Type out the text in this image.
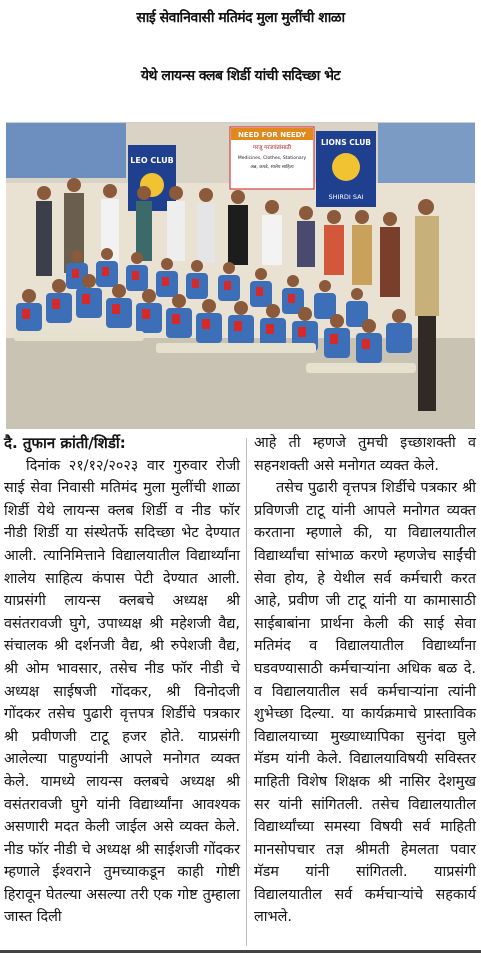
साई सेवानिवासी मतिमंद मुला मुलींची शाळा
येथे लायन्स क्लब शिर्डी यांची सदिच्छा भेट
LEO CLUB
NEED FOR NEEDY
गरजू गरजवंतांसाठी
Medicines, Clothes, Stationary
अन्न, कपडे, शालेय साहित्य
LIONS CLUB
SHIRDI SAI
दै. तुफान क्रांती/शिर्डी:
दिनांक २१/१२/२०२३ वार गुरुवार रोजी साई सेवा निवासी मतिमंद मुला मुलींची शाळा शिर्डी येथे लायन्स क्लब शिर्डी व नीड फॉर नीडी शिर्डी या संस्थेतर्फे सदिच्छा भेट देण्यात आली. त्यानिमित्ताने विद्यालयातील विद्यार्थ्यांना शालेय साहित्य कंपास पेटी देण्यात आली. याप्रसंगी लायन्स क्लबचे अध्यक्ष श्री वसंतरावजी घुगे, उपाध्यक्ष श्री महेशजी वैद्य, संचालक श्री दर्शनजी वैद्य, श्री रुपेशजी वैद्य, श्री ओम भावसार, तसेच नीड फॉर नीडी चे अध्यक्ष साईषजी गोंदकर, श्री विनोदजी गोंदकर तसेच पुढारी वृत्तपत्र शिर्डीचे पत्रकार श्री प्रवीणजी टाटू हजर होते. याप्रसंगी आलेल्या पाहुण्यांनी आपले मनोगत व्यक्त केले. यामध्ये लायन्स क्लबचे अध्यक्ष श्री वसंतरावजी घुगे यांनी विद्यार्थ्यांना आवश्यक असणारी मदत केली जाईल असे व्यक्त केले. नीड फॉर नीडी चे अध्यक्ष श्री साईशजी गोंदकर म्हणाले ईश्वराने तुमच्याकडून काही गोष्टी हिरावून घेतल्या असल्या तरी एक गोष्ट तुम्हाला जास्त दिली
आहे ती म्हणजे तुमची इच्छाशक्ती व सहनशक्ती असे मनोगत व्यक्त केले.
तसेच पुढारी वृत्तपत्र शिर्डीचे पत्रकार श्री प्रविणजी टाटू यांनी आपले मनोगत व्यक्त करताना म्हणाले की, या विद्यालयातील विद्यार्थ्यांचा सांभाळ करणे म्हणजेच साईंची सेवा होय, हे येथील सर्व कर्मचारी करत आहे, प्रवीण जी टाटू यांनी या कामासाठी साईबाबांना प्रार्थना केली की साई सेवा मतिमंद व विद्यालयातील विद्यार्थ्यांना घडवण्यासाठी कर्मचाऱ्यांना अधिक बळ दे. व विद्यालयातील सर्व कर्मचाऱ्यांना त्यांनी शुभेच्छा दिल्या. या कार्यक्रमाचे प्रास्ताविक विद्यालयाच्या मुख्याध्यापिका सुनंदा घुले मॅडम यांनी केले. विद्यालयाविषयी सविस्तर माहिती विशेष शिक्षक श्री नासिर देशमुख सर यांनी सांगितली. तसेच विद्यालयातील विद्यार्थ्यांच्या समस्या विषयी सर्व माहिती मानसोपचार तज्ञ श्रीमती हेमलता पवार मॅडम यांनी सांगितली. याप्रसंगी विद्यालयातील सर्व कर्मचाऱ्यांचे सहकार्य लाभले.
